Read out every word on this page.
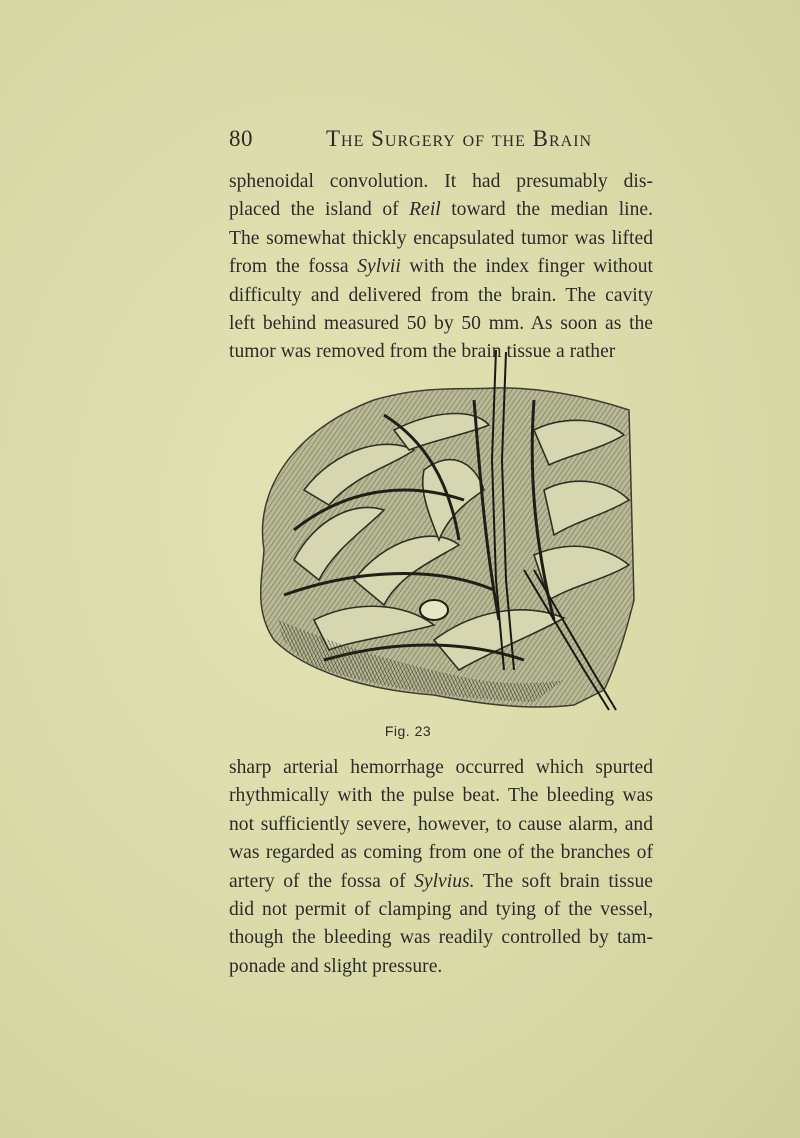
80	The Surgery of the Brain

sphenoidal convolution. It had presumably dis-
placed the island of Reil toward the median line.
The somewhat thickly encapsulated tumor was lifted
from the fossa Sylvii with the index finger without
difficulty and delivered from the brain. The cavity
left behind measured 50 by 50 mm. As soon as the
tumor was removed from the brain tissue a rather

Fig. 23

sharp arterial hemorrhage occurred which spurted
rhythmically with the pulse beat. The bleeding was
not sufficiently severe, however, to cause alarm, and
was regarded as coming from one of the branches of
artery of the fossa of Sylvius. The soft brain tissue
did not permit of clamping and tying of the vessel,
though the bleeding was readily controlled by tam-
ponade and slight pressure.
